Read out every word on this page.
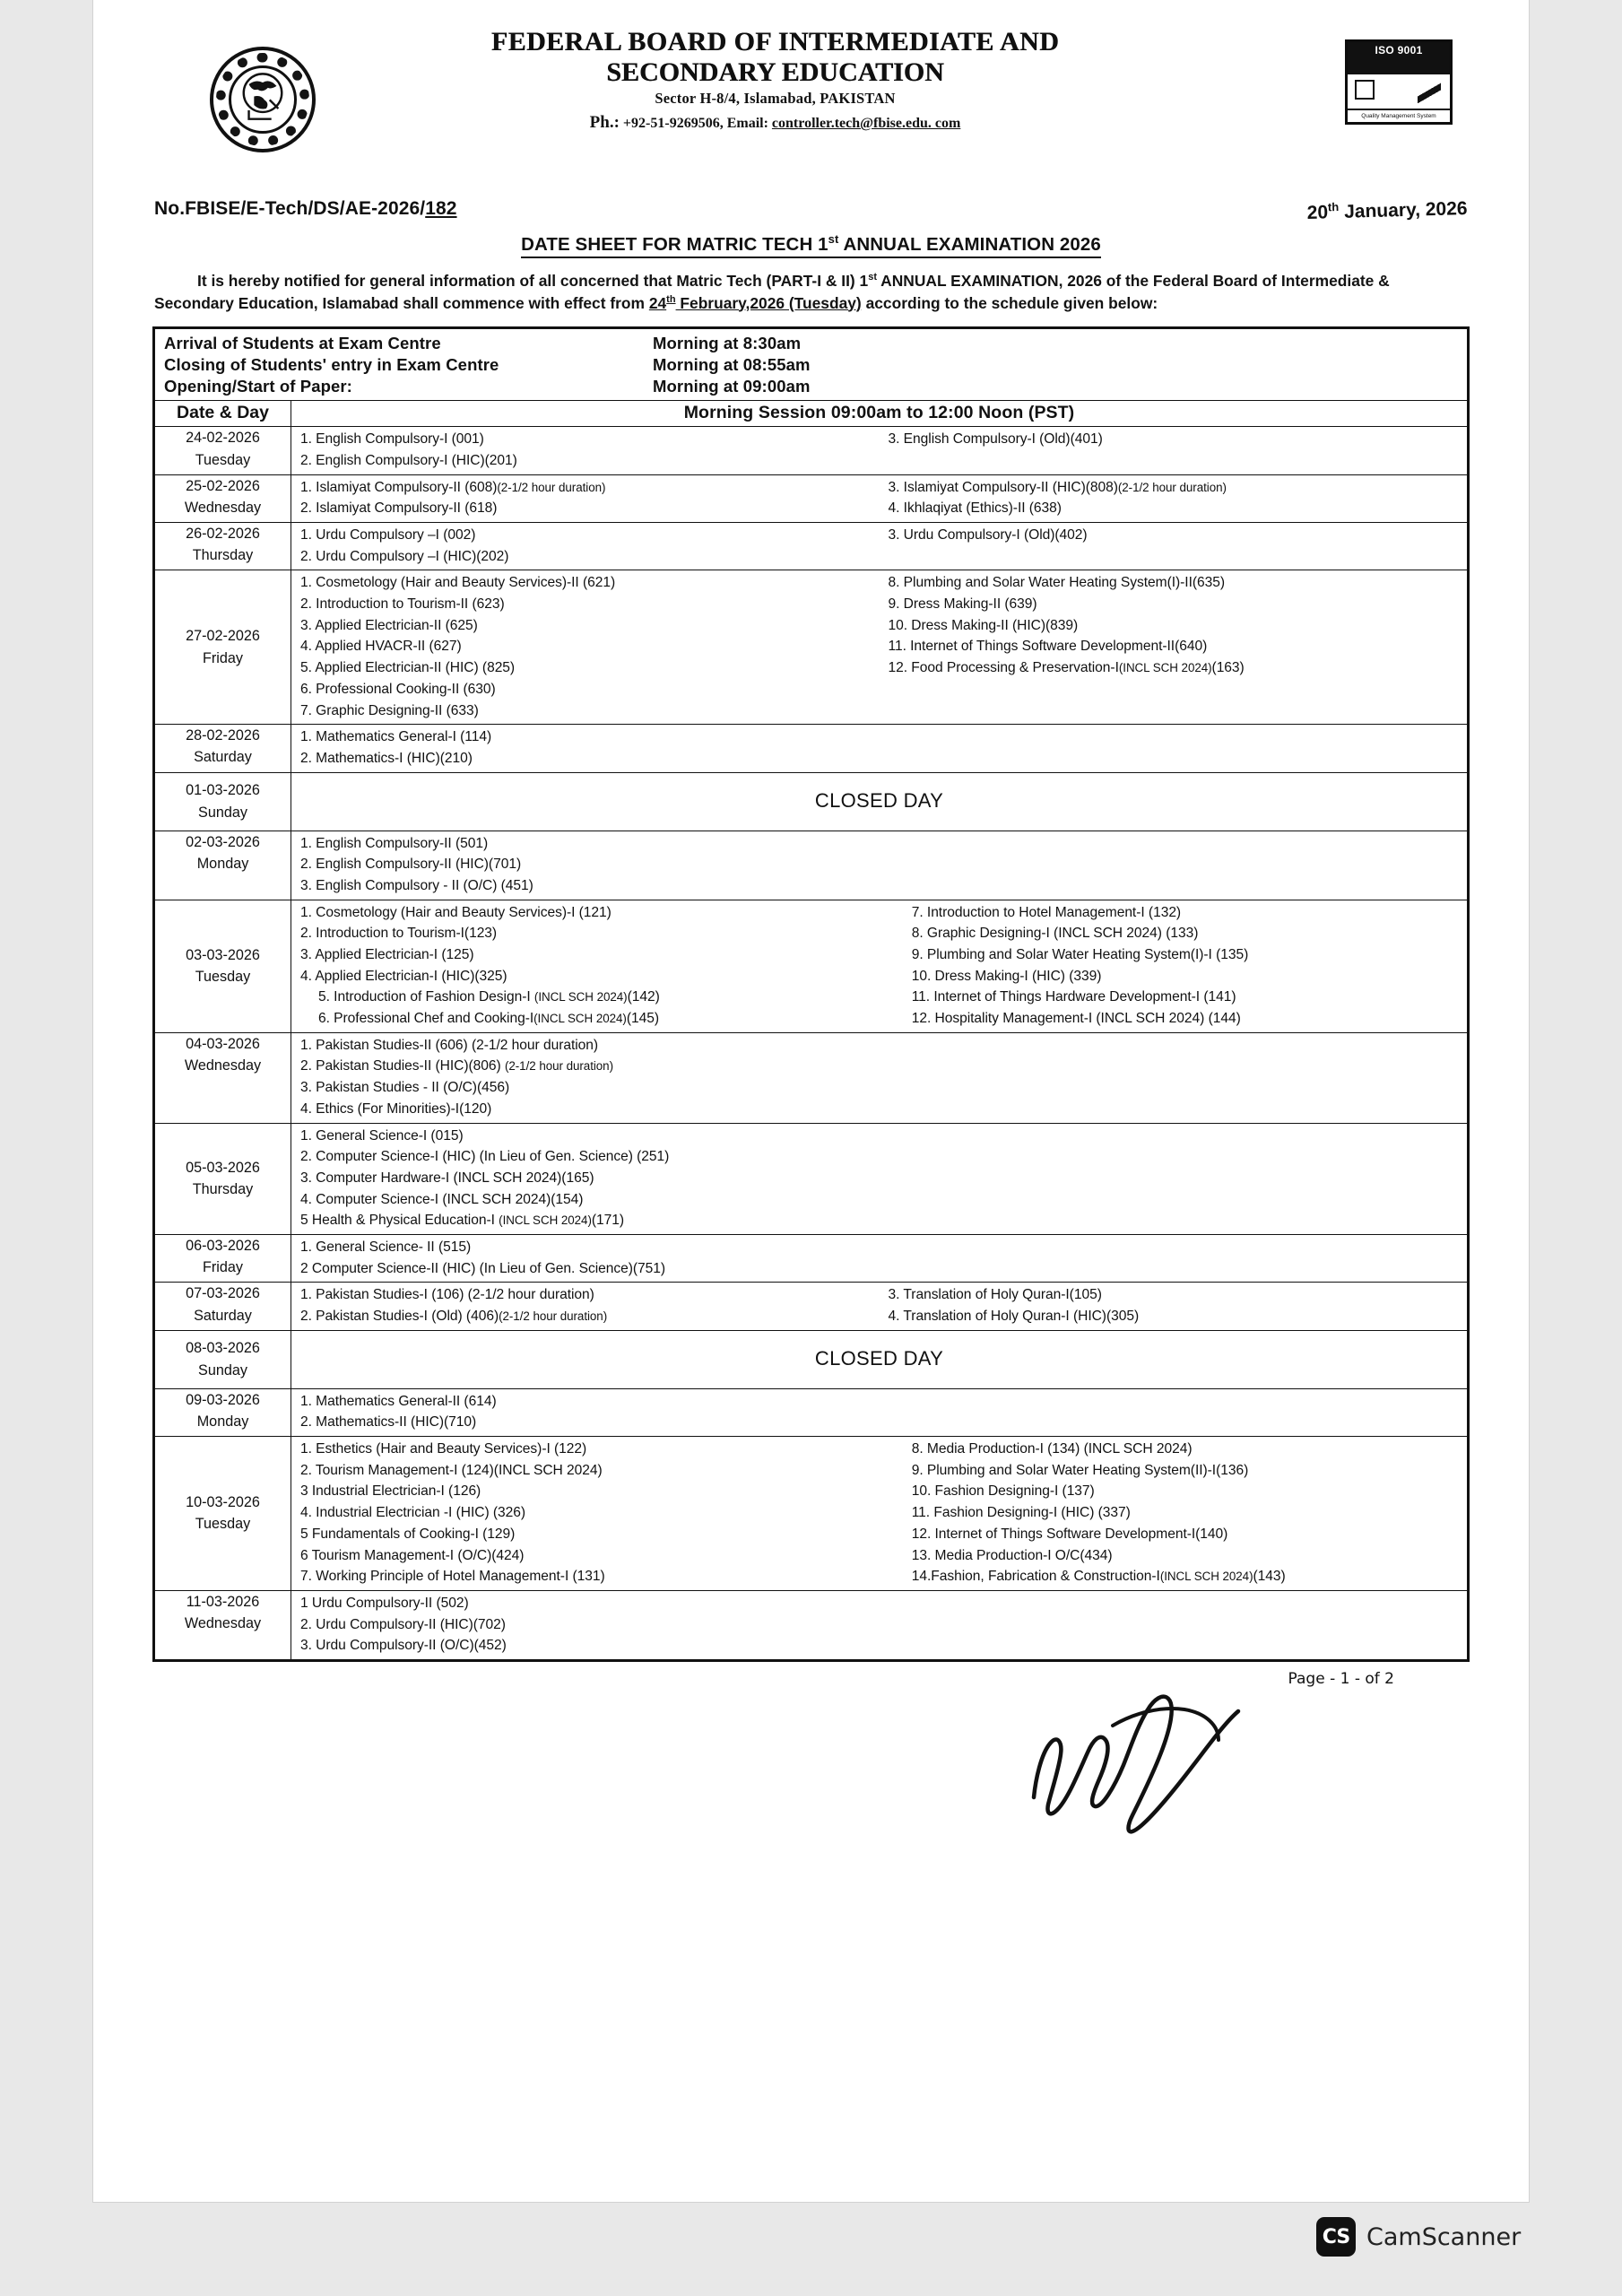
FEDERAL BOARD OF INTERMEDIATE AND
SECONDARY EDUCATION
Sector H-8/4, Islamabad, PAKISTAN
Ph.: +92-51-9269506, Email: controller.tech@fbise.edu. com
ISO 9001
Quality Management System
No.FBISE/E-Tech/DS/AE-2026/182	20th January, 2026
DATE SHEET FOR MATRIC TECH 1st ANNUAL EXAMINATION 2026
It is hereby notified for general information of all concerned that Matric Tech (PART-I & II) 1st ANNUAL EXAMINATION, 2026 of the Federal Board of Intermediate & Secondary Education, Islamabad shall commence with effect from 24th February,2026 (Tuesday) according to the schedule given below:
Arrival of Students at Exam Centre	Morning at 8:30am
Closing of Students' entry in Exam Centre	Morning at 08:55am
Opening/Start of Paper:	Morning at 09:00am

Date & Day	Morning Session 09:00am to 12:00 Noon (PST)

24-02-2026
Tuesday

1. English Compulsory-I (001)
2. English Compulsory-I (HIC)(201)
3. English Compulsory-I (Old)(401)

25-02-2026
Wednesday

1. Islamiyat Compulsory-II (608)(2-1/2 hour duration)
2. Islamiyat Compulsory-II (618)
3. Islamiyat Compulsory-II (HIC)(808)(2-1/2 hour duration)
4. Ikhlaqiyat (Ethics)-II (638)

26-02-2026
Thursday

1. Urdu Compulsory –I (002)
2. Urdu Compulsory –I (HIC)(202)
3. Urdu Compulsory-I (Old)(402)

27-02-2026
Friday

1. Cosmetology (Hair and Beauty Services)-II (621)
2. Introduction to Tourism-II (623)
3. Applied Electrician-II (625)
4. Applied HVACR-II (627)
5. Applied Electrician-II (HIC) (825)
6. Professional Cooking-II (630)
7. Graphic Designing-II (633)
8. Plumbing and Solar Water Heating System(I)-II(635)
9. Dress Making-II (639)
10. Dress Making-II (HIC)(839)
11. Internet of Things Software Development-II(640)
12. Food Processing & Preservation-I(INCL SCH 2024)(163)

28-02-2026
Saturday

1. Mathematics General-I (114)
2. Mathematics-I (HIC)(210)

01-03-2026
Sunday	CLOSED DAY

02-03-2026
Monday

1. English Compulsory-II (501)
2. English Compulsory-II (HIC)(701)
3. English Compulsory - II (O/C) (451)

03-03-2026
Tuesday

1. Cosmetology (Hair and Beauty Services)-I (121)
2. Introduction to Tourism-I(123)
3. Applied Electrician-I (125)
4. Applied Electrician-I (HIC)(325)
5. Introduction of Fashion Design-I (INCL SCH 2024)(142)
6. Professional Chef and Cooking-I(INCL SCH 2024)(145)
7. Introduction to Hotel Management-I (132)
8. Graphic Designing-I (INCL SCH 2024) (133)
9. Plumbing and Solar Water Heating System(I)-I (135)
10. Dress Making-I (HIC) (339)
11. Internet of Things Hardware Development-I (141)
12. Hospitality Management-I (INCL SCH 2024) (144)

04-03-2026
Wednesday

1. Pakistan Studies-II (606) (2-1/2 hour duration)
2. Pakistan Studies-II (HIC)(806) (2-1/2 hour duration)
3. Pakistan Studies - II (O/C)(456)
4. Ethics (For Minorities)-I(120)

05-03-2026
Thursday

1. General Science-I (015)
2. Computer Science-I (HIC) (In Lieu of Gen. Science) (251)
3. Computer Hardware-I (INCL SCH 2024)(165)
4. Computer Science-I (INCL SCH 2024)(154)
5 Health & Physical Education-I (INCL SCH 2024)(171)

06-03-2026
Friday

1. General Science- II (515)
2 Computer Science-II (HIC) (In Lieu of Gen. Science)(751)

07-03-2026
Saturday

1. Pakistan Studies-I (106) (2-1/2 hour duration)
2. Pakistan Studies-I (Old) (406)(2-1/2 hour duration)
3. Translation of Holy Quran-I(105)
4. Translation of Holy Quran-I (HIC)(305)

08-03-2026
Sunday	CLOSED DAY

09-03-2026
Monday

1. Mathematics General-II (614)
2. Mathematics-II (HIC)(710)

10-03-2026
Tuesday

1. Esthetics (Hair and Beauty Services)-I (122)
2. Tourism Management-I (124)(INCL SCH 2024)
3 Industrial Electrician-I (126)
4. Industrial Electrician -I (HIC) (326)
5 Fundamentals of Cooking-I (129)
6 Tourism Management-I (O/C)(424)
7. Working Principle of Hotel Management-I (131)
8. Media Production-I (134) (INCL SCH 2024)
9. Plumbing and Solar Water Heating System(II)-I(136)
10. Fashion Designing-I (137)
11. Fashion Designing-I (HIC) (337)
12. Internet of Things Software Development-I(140)
13. Media Production-I O/C(434)
14.Fashion, Fabrication & Construction-I(INCL SCH 2024)(143)

11-03-2026
Wednesday

1 Urdu Compulsory-II (502)
2. Urdu Compulsory-II (HIC)(702)
3. Urdu Compulsory-II (O/C)(452)
Page - 1 - of 2
CS CamScanner
